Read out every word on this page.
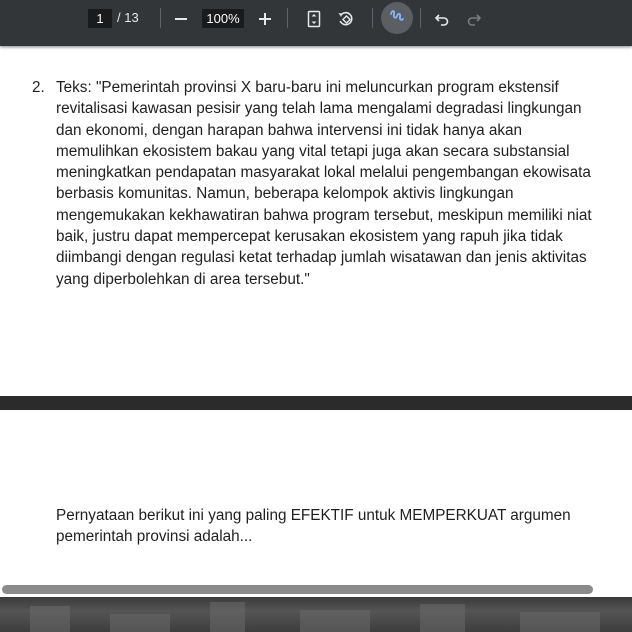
1
/ 13	100%
2. Teks: "Pemerintah provinsi X baru-baru ini meluncurkan program ekstensif
revitalisasi kawasan pesisir yang telah lama mengalami degradasi lingkungan
dan ekonomi, dengan harapan bahwa intervensi ini tidak hanya akan
memulihkan ekosistem bakau yang vital tetapi juga akan secara substansial
meningkatkan pendapatan masyarakat lokal melalui pengembangan ekowisata
berbasis komunitas. Namun, beberapa kelompok aktivis lingkungan
mengemukakan kekhawatiran bahwa program tersebut, meskipun memiliki niat
baik, justru dapat mempercepat kerusakan ekosistem yang rapuh jika tidak
diimbangi dengan regulasi ketat terhadap jumlah wisatawan dan jenis aktivitas
yang diperbolehkan di area tersebut."
Pernyataan berikut ini yang paling EFEKTIF untuk MEMPERKUAT argumen
pemerintah provinsi adalah...
